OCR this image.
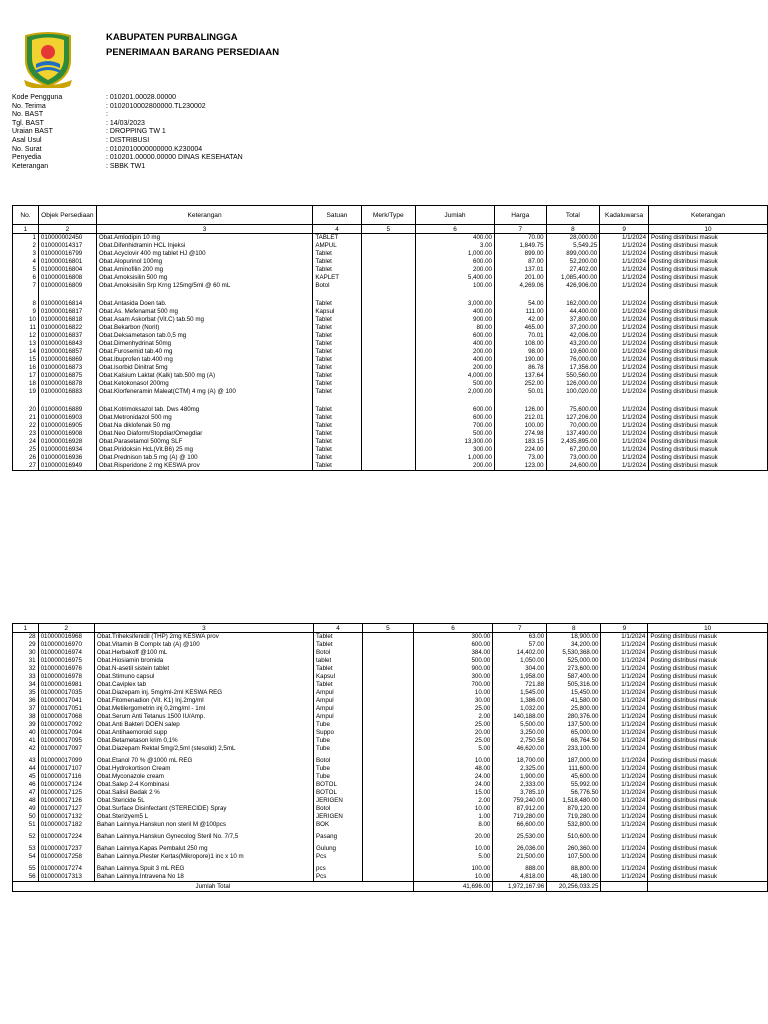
KABUPATEN PURBALINGGA
PENERIMAAN BARANG PERSEDIAAN
Kode Pengguna	: 010201.00028.00000
No. Terima	: 0102010002800000.TL230002
No. BAST	:
Tgl. BAST	: 14/03/2023
Uraian BAST	: DROPPING TW 1
Asal Usul	: DISTRIBUSI
No. Surat	: 0102010000000000.K230004
Penyedia	: 010201.00000.00000 DINAS KESEHATAN
Keterangan	: SBBK TW1
No.	Objek Persediaan	Keterangan	Satuan	Merk/Type	Jumlah	Harga	Total	Kadaluwarsa	Keterangan
1	2	3	4	5	6	7	8	9	10
1	010000002450	Obat.Amlodipin 10 mg	TABLET		400.00	70.00	28,000.00	1/1/2024	Posting distribusi masuk
2	010000014317	Obat.Difenhidramin HCL Injeksi	AMPUL		3.00	1,849.75	5,549.25	1/1/2024	Posting distribusi masuk
3	010000016799	Obat.Acyclovir 400 mg tablet HJ @100	Tablet		1,000.00	899.00	899,000.00	1/1/2024	Posting distribusi masuk
4	010000016801	Obat.Alopurinol 100mg	Tablet		600.00	87.00	52,200.00	1/1/2024	Posting distribusi masuk
5	010000016804	Obat.Aminofilin 200 mg	Tablet		200.00	137.01	27,402.00	1/1/2024	Posting distribusi masuk
6	010000016808	Obat.Amoksisilin 500 mg	KAPLET		5,400.00	201.00	1,085,400.00	1/1/2024	Posting distribusi masuk
7	010000016809	Obat.Amoksisilin Srp Krng 125mg/5ml @ 60 mL	Botol		100.00	4,269.06	426,906.00	1/1/2024	Posting distribusi masuk

8	010000016814	Obat.Antasida Doen tab.	Tablet		3,000.00	54.00	162,000.00	1/1/2024	Posting distribusi masuk
9	010000016817	Obat.As. Mefenamat 500 mg	Kapsul		400.00	111.00	44,400.00	1/1/2024	Posting distribusi masuk
10	010000016818	Obat.Asam Askorbat (Vit.C) tab.50 mg	Tablet		900.00	42.00	37,800.00	1/1/2024	Posting distribusi masuk
11	010000016822	Obat.Bekarbon (Norit)	Tablet		80.00	465.00	37,200.00	1/1/2024	Posting distribusi masuk
12	010000016837	Obat.Deksametason tab.0,5 mg	Tablet		600.00	70.01	42,006.00	1/1/2024	Posting distribusi masuk
13	010000016843	Obat.Dimenhydrinat 50mg	Tablet		400.00	108.00	43,200.00	1/1/2024	Posting distribusi masuk
14	010000016857	Obat.Furosemid tab.40 mg	Tablet		200.00	98.00	19,600.00	1/1/2024	Posting distribusi masuk
15	010000016869	Obat.Ibuprofen tab.400 mg	Tablet		400.00	190.00	76,000.00	1/1/2024	Posting distribusi masuk
16	010000016873	Obat.Isorbid Dinitrat 5mg	Tablet		200.00	86.78	17,356.00	1/1/2024	Posting distribusi masuk
17	010000016875	Obat.Kalsium Laktat (Kalk) tab.500 mg (A)	Tablet		4,000.00	137.64	550,560.00	1/1/2024	Posting distribusi masuk
18	010000016878	Obat.Ketokonasol 200mg	Tablet		500.00	252.00	126,000.00	1/1/2024	Posting distribusi masuk
19	010000016883	Obat.Klorfeneramin Maleat(CTM) 4 mg (A) @ 100	Tablet		2,000.00	50.01	100,020.00	1/1/2024	Posting distribusi masuk

20	010000016889	Obat.Kotrimoksazol tab. Dws 480mg	Tablet		600.00	126.00	75,600.00	1/1/2024	Posting distribusi masuk
21	010000016903	Obat.Metronidazol 500 mg	Tablet		600.00	212.01	127,206.00	1/1/2024	Posting distribusi masuk
22	010000016905	Obat.Na diklofenak 50 mg	Tablet		700.00	100.00	70,000.00	1/1/2024	Posting distribusi masuk
23	010000016908	Obat.Neo Diaform/Stopdiar/Omegdiar	Tablet		500.00	274.98	137,490.00	1/1/2024	Posting distribusi masuk
24	010000016928	Obat.Parasetamol 500mg SLF	Tablet		13,300.00	183.15	2,435,895.00	1/1/2024	Posting distribusi masuk
25	010000016934	Obat.Piridoksin HcL(Vit.B6) 25 mg	Tablet		300.00	224.00	67,200.00	1/1/2024	Posting distribusi masuk
26	010000016936	Obat.Prednison tab.5 mg (A) @ 100	Tablet		1,000.00	73.00	73,000.00	1/1/2024	Posting distribusi masuk
27	010000016949	Obat.Risperidone 2 mg KESWA prov	Tablet		200.00	123.00	24,600.00	1/1/2024	Posting distribusi masuk
1	2	3	4	5	6	7	8	9	10
28	010000016968	Obat.Triheksifenidil (THP) 2mg KESWA prov	Tablet		300.00	63.00	18,900.00	1/1/2024	Posting distribusi masuk
29	010000016970	Obat.Vitamin B Complx tab (A) @100	Tablet		600.00	57.00	34,200.00	1/1/2024	Posting distribusi masuk
30	010000016974	Obat.Herbakoff @100 mL	Botol		384.00	14,402.00	5,530,368.00	1/1/2024	Posting distribusi masuk
31	010000016975	Obat.Hiosiamin bromida	tablet		500.00	1,050.00	525,000.00	1/1/2024	Posting distribusi masuk
32	010000016976	Obat.N-asetil sistein tablet	Tablet		900.00	304.00	273,600.00	1/1/2024	Posting distribusi masuk
33	010000016978	Obat.Stimuno capsul	Kapsul		300.00	1,958.00	587,400.00	1/1/2024	Posting distribusi masuk
34	010000016981	Obat.Caviplex tab	Tablet		700.00	721.88	505,316.00	1/1/2024	Posting distribusi masuk
35	010000017035	Obat.Diazepam inj. 5mg/ml-2ml KESWA REG	Ampul		10.00	1,545.00	15,450.00	1/1/2024	Posting distribusi masuk
36	010000017041	Obat.Fitomenadion (Vit. K1) Inj.2mg/ml	Ampul		30.00	1,386.00	41,580.00	1/1/2024	Posting distribusi masuk
37	010000017051	Obat.Metilergometrin inj 0,2mg/ml - 1ml	Ampul		25.00	1,032.00	25,800.00	1/1/2024	Posting distribusi masuk
38	010000017068	Obat.Serum Anti Tetanus 1500 IU/Amp.	Ampul		2.00	140,188.00	280,376.00	1/1/2024	Posting distribusi masuk
39	010000017092	Obat.Anti Bakteri DOEN salep	Tube		25.00	5,500.00	137,500.00	1/1/2024	Posting distribusi masuk
40	010000017094	Obat.Antihaemoroid supp	Suppo		20.00	3,250.00	65,000.00	1/1/2024	Posting distribusi masuk
41	010000017095	Obat.Betametason krim 0,1%	Tube		25.00	2,750.58	68,764.50	1/1/2024	Posting distribusi masuk
42	010000017097	Obat.Diazepam Rektal 5mg/2,5ml (stesolid) 2,5mL	Tube		5.00	46,620.00	233,100.00	1/1/2024	Posting distribusi masuk
43	010000017099	Obat.Etanol 70 % @1000 mL REG	Botol		10.00	18,700.00	187,000.00	1/1/2024	Posting distribusi masuk
44	010000017107	Obat.Hydrokortison Cream	Tube		48.00	2,325.00	111,600.00	1/1/2024	Posting distribusi masuk
45	010000017116	Obat.Myconazole cream	Tube		24.00	1,900.00	45,600.00	1/1/2024	Posting distribusi masuk
46	010000017124	Obat.Salep 2-4 Kombinasi	BOTOL		24.00	2,333.00	55,992.00	1/1/2024	Posting distribusi masuk
47	010000017125	Obat.Salisil Bedak 2 %	BOTOL		15.00	3,785.10	56,776.50	1/1/2024	Posting distribusi masuk
48	010000017126	Obat.Stericide 5L	JERIGEN		2.00	759,240.00	1,518,480.00	1/1/2024	Posting distribusi masuk
49	010000017127	Obat.Surface Disinfectant (STERECIDE) Spray	Botol		10.00	87,912.00	879,120.00	1/1/2024	Posting distribusi masuk
50	010000017132	Obat.Sterizyem5 L	JERIGEN		1.00	719,280.00	719,280.00	1/1/2024	Posting distribusi masuk
51	010000017182	Bahan Lainnya.Hanskun non steril M @100pcs	BOK		8.00	66,600.00	532,800.00	1/1/2024	Posting distribusi masuk
52	010000017224	Bahan Lainnya.Hanskun Gynecolog Steril No. 7/7,5	Pasang		20.00	25,530.00	510,600.00	1/1/2024	Posting distribusi masuk
53	010000017237	Bahan Lainnya.Kapas Pembalut 250 mg	Gulung		10.00	26,036.00	260,360.00	1/1/2024	Posting distribusi masuk
54	010000017258	Bahan Lainnya.Plester Kertas(Mikropore)1 inc x 10 m	Pcs		5.00	21,500.00	107,500.00	1/1/2024	Posting distribusi masuk
55	010000017274	Bahan Lainnya.Spuit 3 mL REG	pcs		100.00	888.00	88,800.00	1/1/2024	Posting distribusi masuk
56	010000017313	Bahan Lainnya.Intravena No 18	Pcs		10.00	4,818.00	48,180.00	1/1/2024	Posting distribusi masuk
Jumlah Total					41,696.00	1,972,167.96	20,256,033.25		
